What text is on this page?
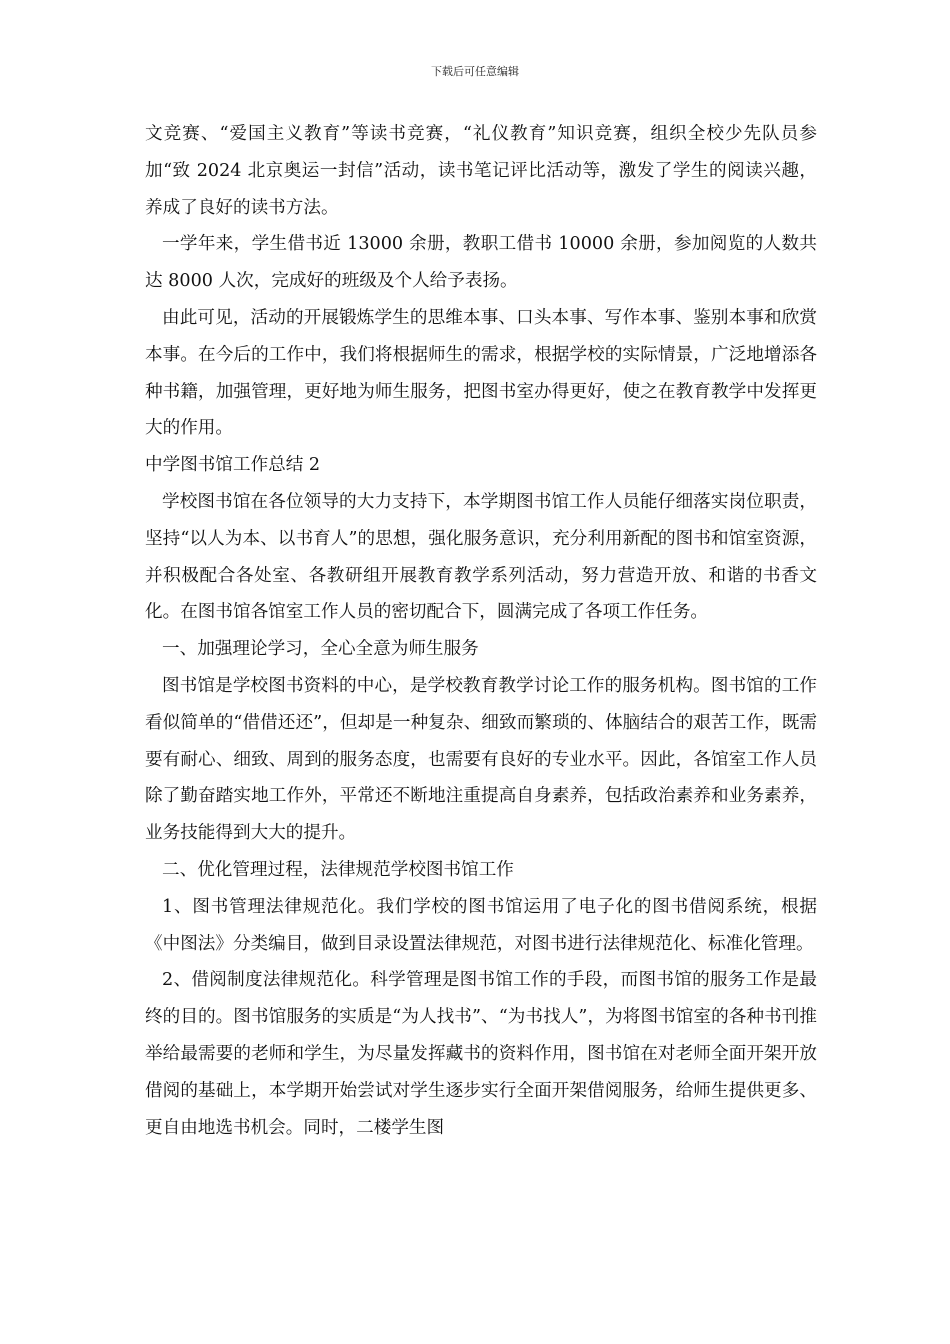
下载后可任意编辑

文竞赛、“爱国主义教育”等读书竞赛，“礼仪教育”知识竞赛，组织全校少先队员参加“致 2024 北京奥运一封信”活动，读书笔记评比活动等，激发了学生的阅读兴趣，养成了良好的读书方法。

一学年来，学生借书近 13000 余册，教职工借书 10000 余册，参加阅览的人数共达 8000 人次，完成好的班级及个人给予表扬。

由此可见，活动的开展锻炼学生的思维本事、口头本事、写作本事、鉴别本事和欣赏本事。在今后的工作中，我们将根据师生的需求，根据学校的实际情景，广泛地增添各种书籍，加强管理，更好地为师生服务，把图书室办得更好，使之在教育教学中发挥更大的作用。

中学图书馆工作总结 2

学校图书馆在各位领导的大力支持下，本学期图书馆工作人员能仔细落实岗位职责，坚持“以人为本、以书育人”的思想，强化服务意识，充分利用新配的图书和馆室资源，并积极配合各处室、各教研组开展教育教学系列活动，努力营造开放、和谐的书香文化。在图书馆各馆室工作人员的密切配合下，圆满完成了各项工作任务。

一、加强理论学习，全心全意为师生服务

图书馆是学校图书资料的中心，是学校教育教学讨论工作的服务机构。图书馆的工作看似简单的“借借还还”，但却是一种复杂、细致而繁琐的、体脑结合的艰苦工作，既需要有耐心、细致、周到的服务态度，也需要有良好的专业水平。因此，各馆室工作人员除了勤奋踏实地工作外，平常还不断地注重提高自身素养，包括政治素养和业务素养，业务技能得到大大的提升。

二、优化管理过程，法律规范学校图书馆工作

1、图书管理法律规范化。我们学校的图书馆运用了电子化的图书借阅系统，根据《中图法》分类编目，做到目录设置法律规范，对图书进行法律规范化、标准化管理。

2、借阅制度法律规范化。科学管理是图书馆工作的手段，而图书馆的服务工作是最终的目的。图书馆服务的实质是“为人找书”、“为书找人”，为将图书馆室的各种书刊推举给最需要的老师和学生，为尽量发挥藏书的资料作用，图书馆在对老师全面开架开放借阅的基础上，本学期开始尝试对学生逐步实行全面开架借阅服务，给师生提供更多、更自由地选书机会。同时，二楼学生图
